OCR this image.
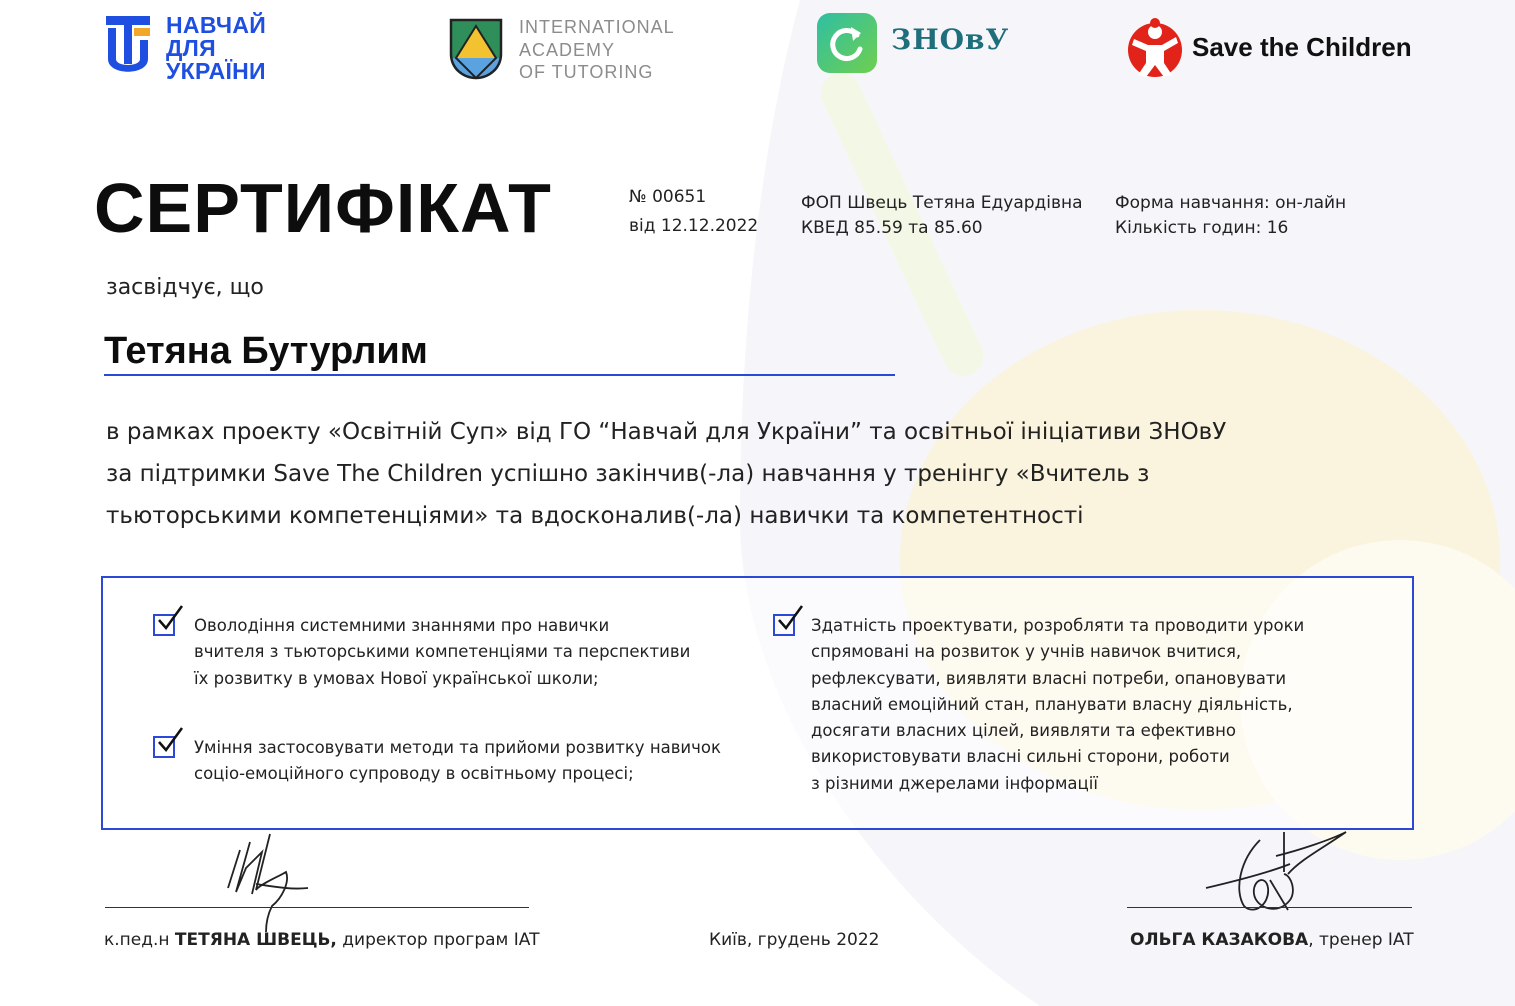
НАВЧАЙ
ДЛЯ
УКРАЇНИ
INTERNATIONAL
ACADEMY
OF TUTORING
ЗНОвУ	Save the Children
СЕРТИФІКАТ	№ 00651
від 12.12.2022
ФОП Швець Тетяна Едуардівна
КВЕД 85.59 та 85.60
Форма навчання: он-лайн
Кількість годин: 16
засвідчує, що
Тетяна Бутурлим
в рамках проекту «Освітній Суп» від ГО “Навчай для України” та освітньої ініціативи ЗНОвУ
за підтримки Save The Children успішно закінчив(-ла) навчання у тренінгу «Вчитель з
тьюторськими компетенціями» та вдосконалив(-ла) навички та компетентності
Оволодіння системними знаннями про навички
вчителя з тьюторськими компетенціями та перспективи
їх розвитку в умовах Нової української школи;
Уміння застосовувати методи та прийоми розвитку навичок
соціо-емоційного супроводу в освітньому процесі;
Здатність проектувати, розробляти та проводити уроки
спрямовані на розвиток у учнів навичок вчитися,
рефлексувати, виявляти власні потреби, опановувати
власний емоційний стан, планувати власну діяльність,
досягати власних цілей, виявляти та ефективно
використовувати власні сильні сторони, роботи
з різними джерелами інформації
к.пед.н ТЕТЯНА ШВЕЦЬ, директор програм IAT	Київ, грудень 2022	ОЛЬГА КАЗАКОВА, тренер IAT
